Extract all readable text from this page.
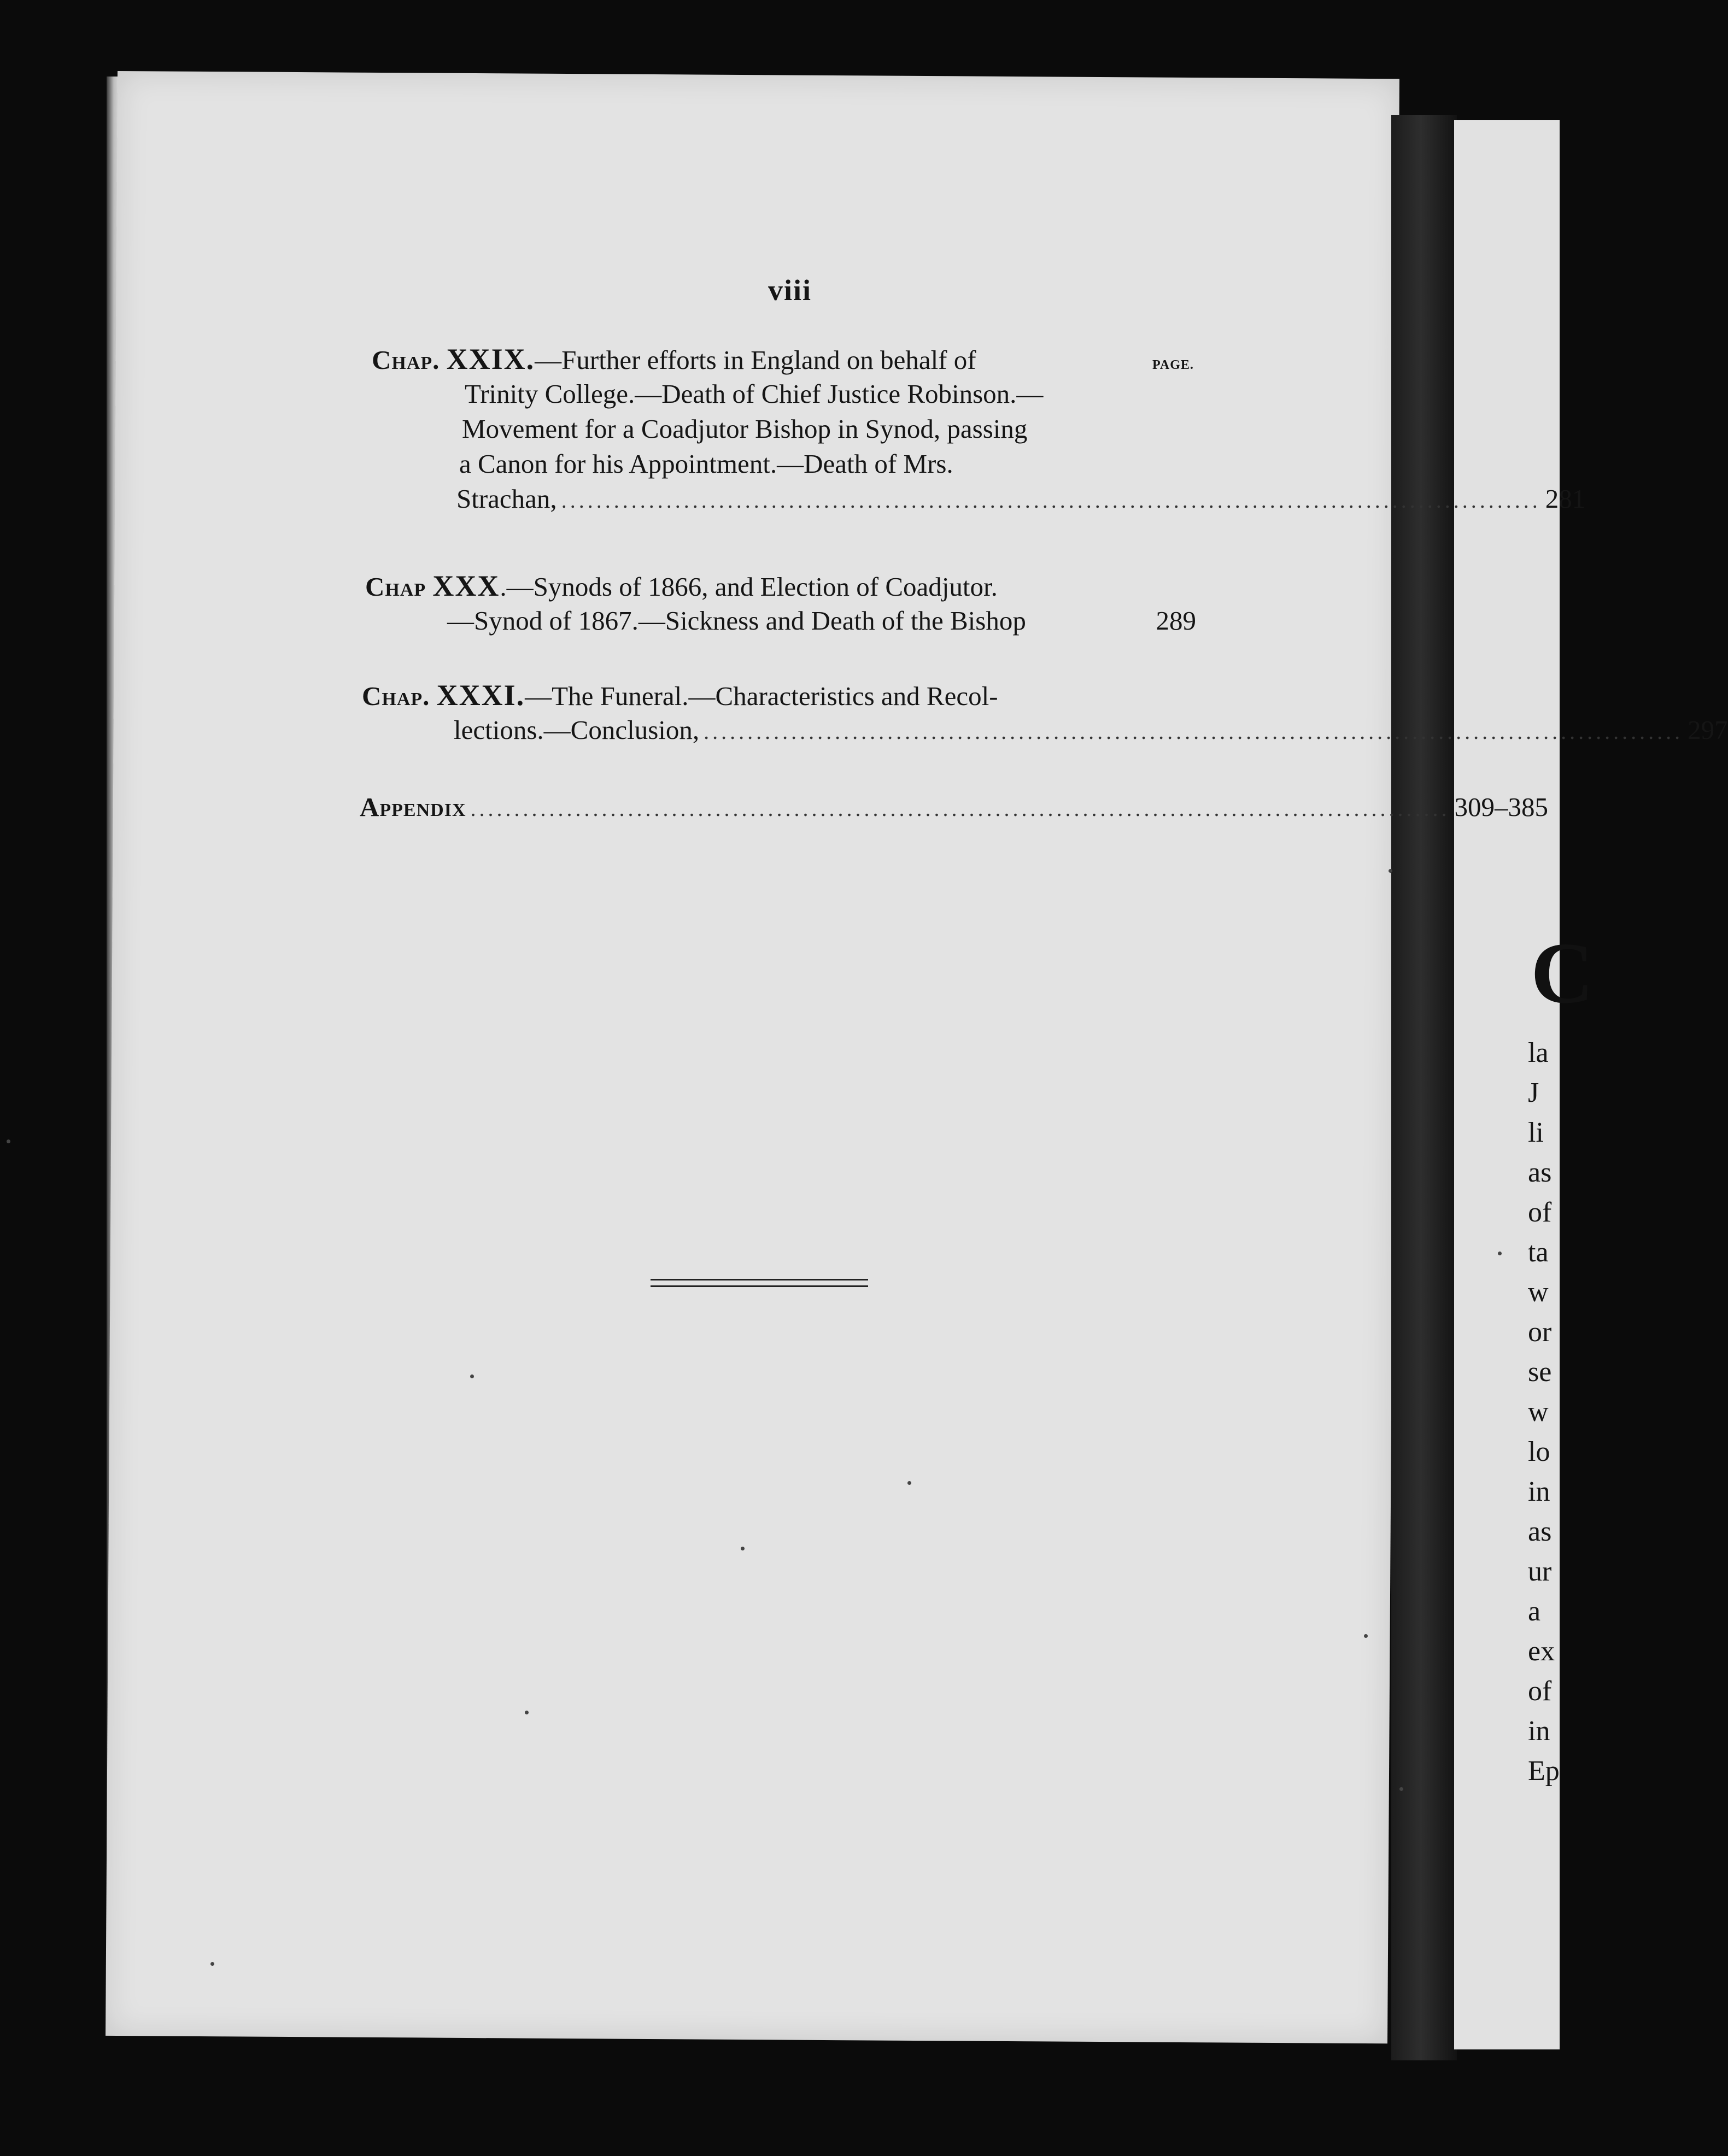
C
la
J
li
as
of
ta
w
or
se
w
lo
in
as
ur
a
ex
of
in
Ep
viii
PAGE.
Chap. XXIX.—Further efforts in England on behalf of
Trinity College.—Death of Chief Justice Robinson.—
Movement for a Coadjutor Bishop in Synod, passing
a Canon for his Appointment.—Death of Mrs.
Strachan, ................................................................................................................ 281
Chap XXX.—Synods of 1866, and Election of Coadjutor.
—Synod of 1867.—Sickness and Death of the Bishop	289
Chap. XXXI.—The Funeral.—Characteristics and Recol-
lections.—Conclusion, ................................................................................................................ 297
Appendix ................................................................................................................ 309–385
